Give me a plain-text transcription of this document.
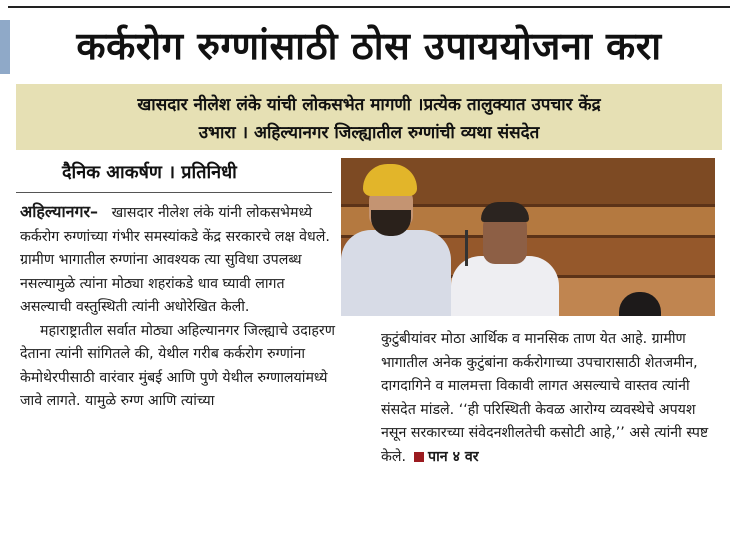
कर्करोग रुग्णांसाठी ठोस उपाययोजना करा
खासदार नीलेश लंके यांची लोकसभेत मागणी ।प्रत्येक तालुक्यात उपचार केंद्र
उभारा । अहिल्यानगर जिल्ह्यातील रुग्णांची व्यथा संसदेत
दैनिक आकर्षण । प्रतिनिधी

अहिल्यानगर– खासदार नीलेश लंके यांनी लोकसभेमध्ये कर्करोग रुग्णांच्या गंभीर समस्यांकडे केंद्र सरकारचे लक्ष वेधले. ग्रामीण भागातील रुग्णांना आवश्यक त्या सुविधा उपलब्ध नसल्यामुळे त्यांना मोठ्या शहरांकडे धाव घ्यावी लागत असल्याची वस्तुस्थिती त्यांनी अधोरेखित केली.

महाराष्ट्रातील सर्वात मोठ्या अहिल्यानगर जिल्ह्याचे उदाहरण देताना त्यांनी सांगितले की, येथील गरीब कर्करोग रुग्णांना केमोथेरपीसाठी वारंवार मुंबई आणि पुणे येथील रुग्णालयांमध्ये जावे लागते. यामुळे रुग्ण आणि त्यांच्या

कुटुंबीयांवर मोठा आर्थिक व मानसिक ताण येत आहे. ग्रामीण भागातील अनेक कुटुंबांना कर्करोगाच्या उपचारासाठी शेतजमीन, दागदागिने व मालमत्ता विकावी लागत असल्याचे वास्तव त्यांनी संसदेत मांडले. ‘‘ही परिस्थिती केवळ आरोग्य व्यवस्थेचे अपयश नसून सरकारच्या संवेदनशीलतेची कसोटी आहे,’’ असे त्यांनी स्पष्ट केले. पान ४ वर
